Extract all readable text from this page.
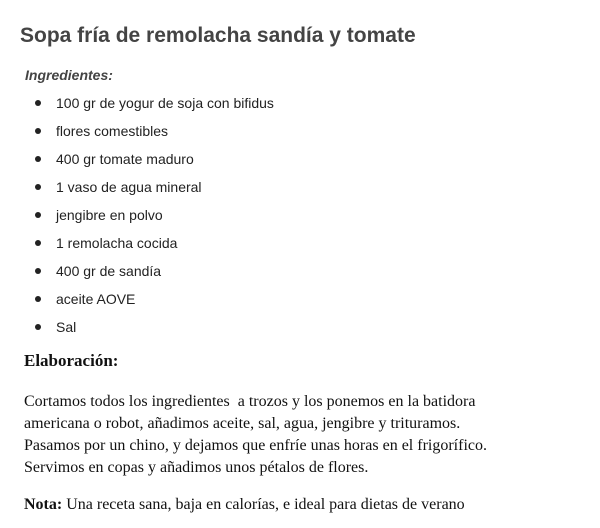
Sopa fría de remolacha sandía y tomate

Ingredientes:

100 gr de yogur de soja con bifidus
flores comestibles
400 gr tomate maduro
1 vaso de agua mineral
jengibre en polvo
1 remolacha cocida
400 gr de sandía
aceite AOVE
Sal
Elaboración:

Cortamos todos los ingredientes  a trozos y los ponemos en la batidora
americana o robot, añadimos aceite, sal, agua, jengibre y trituramos.
Pasamos por un chino, y dejamos que enfríe unas horas en el frigorífico.
Servimos en copas y añadimos unos pétalos de flores.

Nota: Una receta sana, baja en calorías, e ideal para dietas de verano
